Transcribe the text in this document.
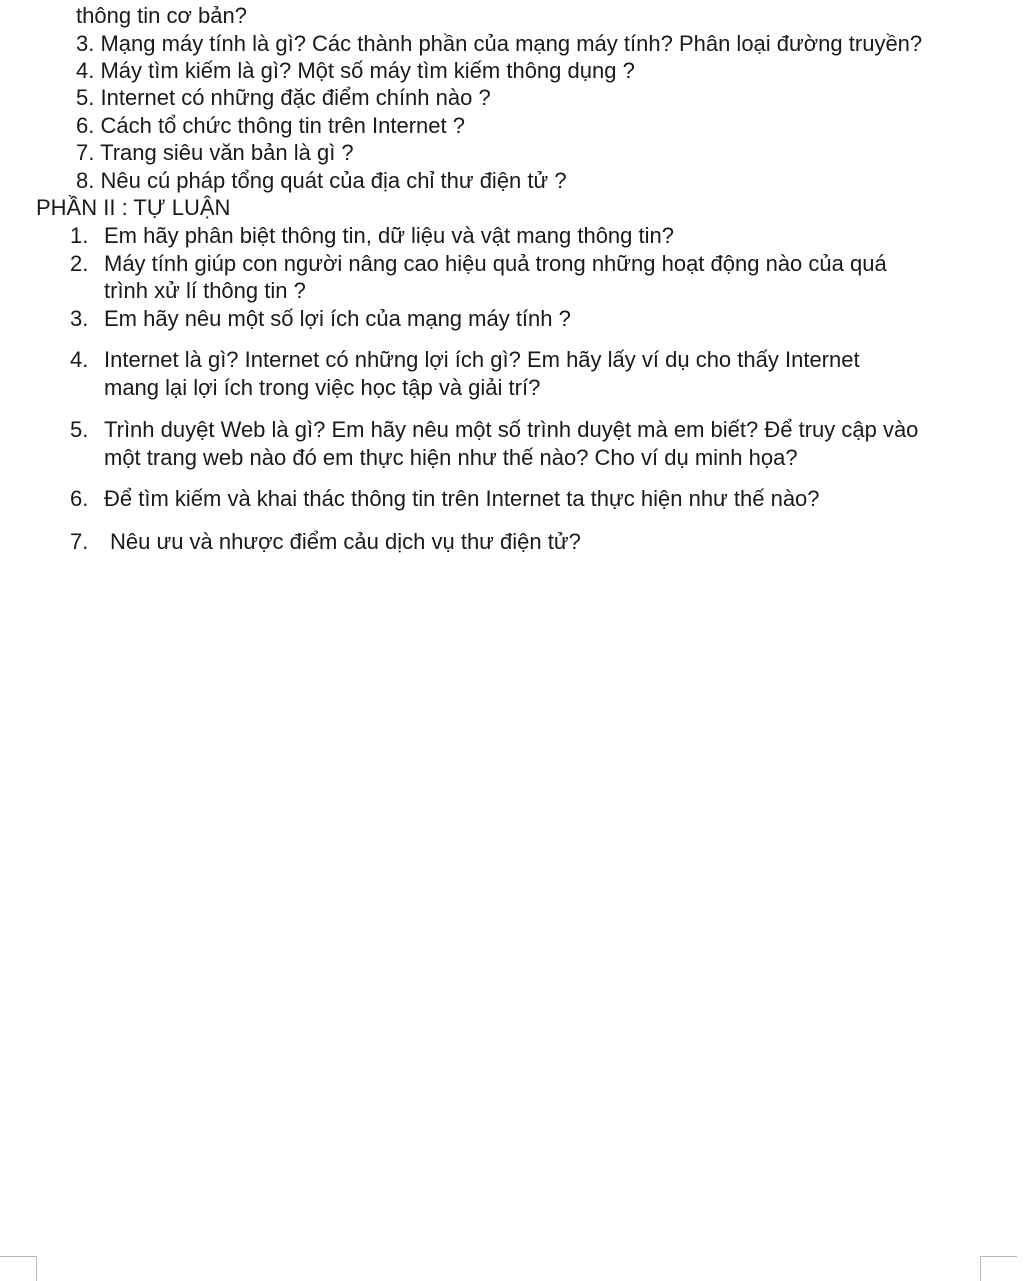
thông tin cơ bản?
3. Mạng máy tính là gì? Các thành phần của mạng máy tính? Phân loại đường truyền?
4. Máy tìm kiếm là gì? Một số máy tìm kiếm thông dụng ?
5. Internet có những đặc điểm chính nào ?
6. Cách tổ chức thông tin trên Internet ?
7. Trang siêu văn bản là gì ?
8. Nêu cú pháp tổng quát của địa chỉ thư điện tử ?
PHẦN II : TỰ LUẬN
1. Em hãy phân biệt thông tin, dữ liệu và vật mang thông tin?
2. Máy tính giúp con người nâng cao hiệu quả trong những hoạt động nào của quá
trình xử lí thông tin ?
3. Em hãy nêu một số lợi ích của mạng máy tính ?
4. Internet là gì? Internet có những lợi ích gì? Em hãy lấy ví dụ cho thấy Internet
mang lại lợi ích trong việc học tập và giải trí?
5. Trình duyệt Web là gì? Em hãy nêu một số trình duyệt mà em biết? Để truy cập vào
một trang web nào đó em thực hiện như thế nào? Cho ví dụ minh họa?
6. Để tìm kiếm và khai thác thông tin trên Internet ta thực hiện như thế nào?
7. Nêu ưu và nhược điểm cảu dịch vụ thư điện tử?
